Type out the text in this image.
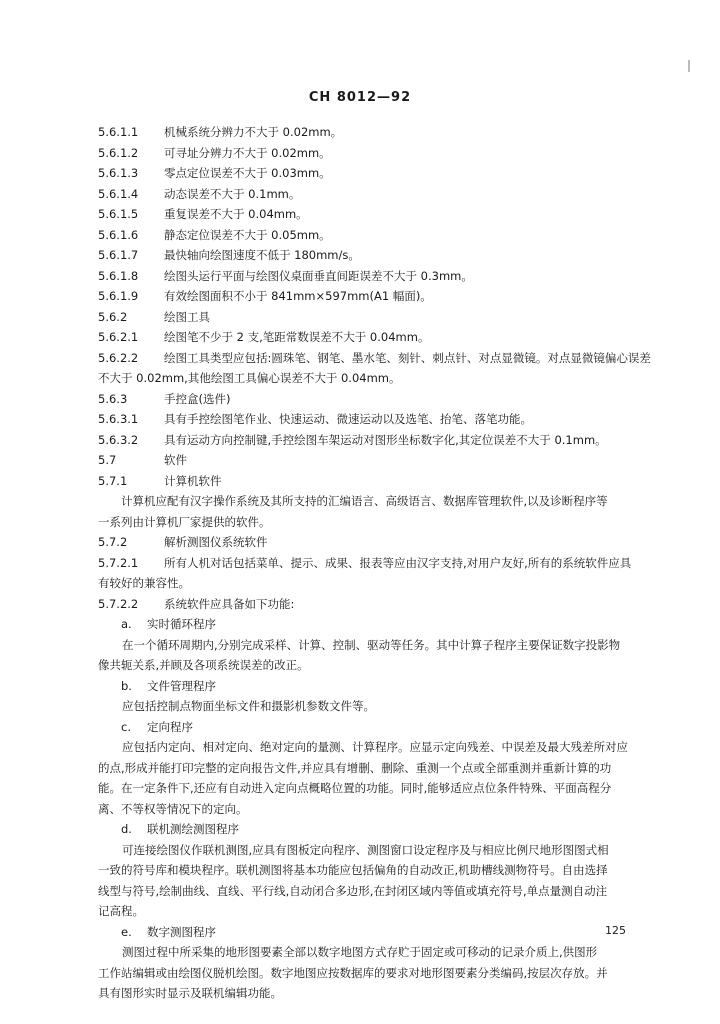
CH 8012—92
5.6.1.1 机械系统分辨力不大于 0.02mm。
5.6.1.2 可寻址分辨力不大于 0.02mm。
5.6.1.3 零点定位误差不大于 0.03mm。
5.6.1.4 动态误差不大于 0.1mm。
5.6.1.5 重复误差不大于 0.04mm。
5.6.1.6 静态定位误差不大于 0.05mm。
5.6.1.7 最快轴向绘图速度不低于 180mm/s。
5.6.1.8 绘图头运行平面与绘图仪桌面垂直间距误差不大于 0.3mm。
5.6.1.9 有效绘图面积不小于 841mm×597mm(A1 幅面)。
5.6.2	绘图工具
5.6.2.1 绘图笔不少于 2 支,笔距常数误差不大于 0.04mm。
5.6.2.2 绘图工具类型应包括:圆珠笔、钢笔、墨水笔、刻针、刺点针、对点显微镜。对点显微镜偏心误差
不大于 0.02mm,其他绘图工具偏心误差不大于 0.04mm。
5.6.3	手控盒(选件)
5.6.3.1 具有手控绘图笔作业、快速运动、微速运动以及选笔、抬笔、落笔功能。
5.6.3.2 具有运动方向控制键,手控绘图车架运动对图形坐标数字化,其定位误差不大于 0.1mm。
5.7	软件
5.7.1	计算机软件
计算机应配有汉字操作系统及其所支持的汇编语言、高级语言、数据库管理软件,以及诊断程序等
一系列由计算机厂家提供的软件。
5.7.2	解析测图仪系统软件
5.7.2.1 所有人机对话包括菜单、提示、成果、报表等应由汉字支持,对用户友好,所有的系统软件应具
有较好的兼容性。
5.7.2.2 系统软件应具备如下功能:
a. 实时循环程序
在一个循环周期内,分别完成采样、计算、控制、驱动等任务。其中计算子程序主要保证数字投影物
像共轭关系,并顾及各项系统误差的改正。
b. 文件管理程序
应包括控制点物面坐标文件和摄影机参数文件等。
c. 定向程序
应包括内定向、相对定向、绝对定向的量测、计算程序。应显示定向残差、中误差及最大残差所对应
的点,形成并能打印完整的定向报告文件,并应具有增删、删除、重测一个点或全部重测并重新计算的功
能。在一定条件下,还应有自动进入定向点概略位置的功能。同时,能够适应点位条件特殊、平面高程分
离、不等权等情况下的定向。
d. 联机测绘测图程序
可连接绘图仪作联机测图,应具有图板定向程序、测图窗口设定程序及与相应比例尺地形图图式相
一致的符号库和模块程序。联机测图将基本功能应包括偏角的自动改正,机助槽线测物符号。自由选择
线型与符号,绘制曲线、直线、平行线,自动闭合多边形,在封闭区域内等值或填充符号,单点量测自动注
记高程。
e. 数字测图程序
测图过程中所采集的地形图要素全部以数字地图方式存贮于固定或可移动的记录介质上,供图形
工作站编辑或由绘图仪脱机绘图。数字地图应按数据库的要求对地形图要素分类编码,按层次存放。并
具有图形实时显示及联机编辑功能。
125
